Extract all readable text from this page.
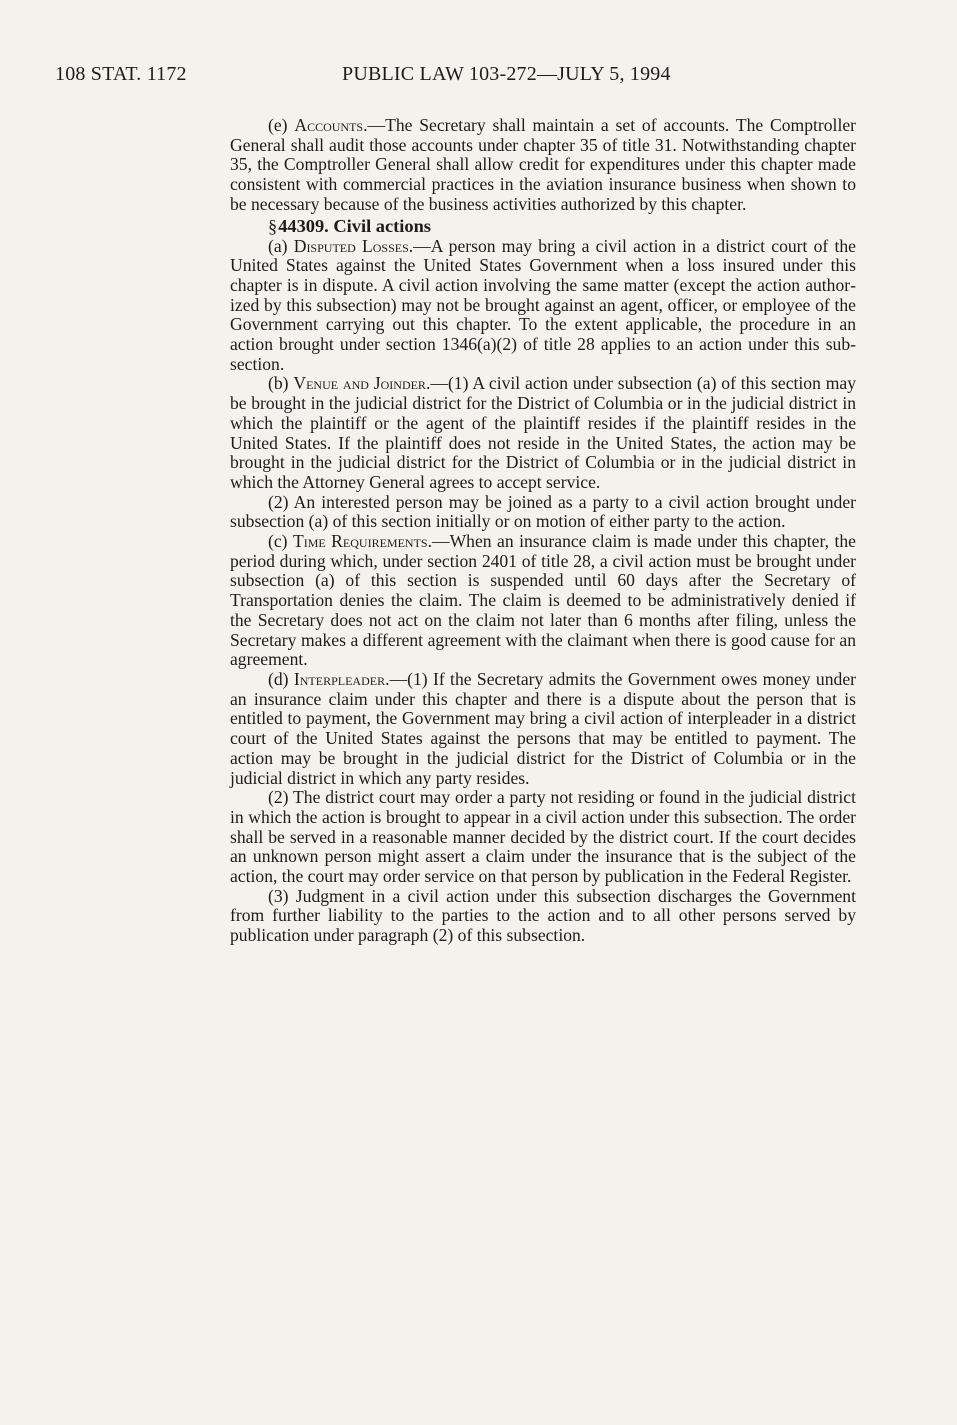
108 STAT. 1172	PUBLIC LAW 103-272—JULY 5, 1994

(e) Accounts.—The Secretary shall maintain a set of accounts. The Comptroller General shall audit those accounts under chapter 35 of title 31. Notwithstanding chapter 35, the Comptroller General shall allow credit for expenditures under this chapter made consistent with commercial practices in the aviation insurance business when shown to be necessary because of the business activities authorized by this chapter.

§44309. Civil actions

(a) Disputed Losses.—A person may bring a civil action in a district court of the United States against the United States Government when a loss insured under this chapter is in dispute. A civil action involving the same matter (except the action authorized by this subsection) may not be brought against an agent, officer, or employee of the Government carrying out this chapter. To the extent applicable, the procedure in an action brought under section 1346(a)(2) of title 28 applies to an action under this subsection.

(b) Venue and Joinder.—(1) A civil action under subsection (a) of this section may be brought in the judicial district for the District of Columbia or in the judicial district in which the plaintiff or the agent of the plaintiff resides if the plaintiff resides in the United States. If the plaintiff does not reside in the United States, the action may be brought in the judicial district for the District of Columbia or in the judicial district in which the Attorney General agrees to accept service.

(2) An interested person may be joined as a party to a civil action brought under subsection (a) of this section initially or on motion of either party to the action.

(c) Time Requirements.—When an insurance claim is made under this chapter, the period during which, under section 2401 of title 28, a civil action must be brought under subsection (a) of this section is suspended until 60 days after the Secretary of Transportation denies the claim. The claim is deemed to be administratively denied if the Secretary does not act on the claim not later than 6 months after filing, unless the Secretary makes a different agreement with the claimant when there is good cause for an agreement.

(d) Interpleader.—(1) If the Secretary admits the Government owes money under an insurance claim under this chapter and there is a dispute about the person that is entitled to payment, the Government may bring a civil action of interpleader in a district court of the United States against the persons that may be entitled to payment. The action may be brought in the judicial district for the District of Columbia or in the judicial district in which any party resides.

(2) The district court may order a party not residing or found in the judicial district in which the action is brought to appear in a civil action under this subsection. The order shall be served in a reasonable manner decided by the district court. If the court decides an unknown person might assert a claim under the insurance that is the subject of the action, the court may order service on that person by publication in the Federal Register.

(3) Judgment in a civil action under this subsection discharges the Government from further liability to the parties to the action and to all other persons served by publication under paragraph (2) of this subsection.
